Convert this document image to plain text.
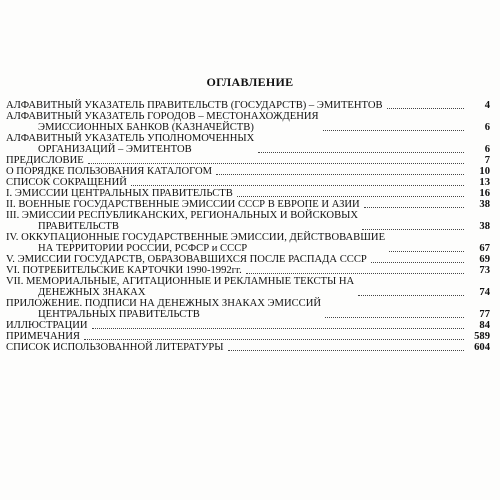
ОГЛАВЛЕНИЕ
АЛФАВИТНЫЙ УКАЗАТЕЛЬ ПРАВИТЕЛЬСТВ (ГОСУДАРСТВ) – ЭМИТЕНТОВ	4
АЛФАВИТНЫЙ УКАЗАТЕЛЬ ГОРОДОВ – МЕСТОНАХОЖДЕНИЯ
ЭМИССИОННЫХ БАНКОВ (КАЗНАЧЕЙСТВ)	6
АЛФАВИТНЫЙ УКАЗАТЕЛЬ УПОЛНОМОЧЕННЫХ
ОРГАНИЗАЦИЙ – ЭМИТЕНТОВ	6
ПРЕДИСЛОВИЕ	7
О ПОРЯДКЕ ПОЛЬЗОВАНИЯ КАТАЛОГОМ	10
СПИСОК СОКРАЩЕНИЙ	13
I. ЭМИССИИ ЦЕНТРАЛЬНЫХ ПРАВИТЕЛЬСТВ	16
II. ВОЕННЫЕ ГОСУДАРСТВЕННЫЕ ЭМИССИИ СССР В ЕВРОПЕ И АЗИИ	38
III. ЭМИССИИ РЕСПУБЛИКАНСКИХ, РЕГИОНАЛЬНЫХ И ВОЙСКОВЫХ
ПРАВИТЕЛЬСТВ	38
IV. ОККУПАЦИОННЫЕ ГОСУДАРСТВЕННЫЕ ЭМИССИИ, ДЕЙСТВОВАВШИЕ
НА ТЕРРИТОРИИ РОССИИ, РСФСР и СССР	67
V. ЭМИССИИ ГОСУДАРСТВ, ОБРАЗОВАВШИХСЯ ПОСЛЕ РАСПАДА СССР	69
VI. ПОТРЕБИТЕЛЬСКИЕ КАРТОЧКИ 1990-1992гг.	73
VII. МЕМОРИАЛЬНЫЕ, АГИТАЦИОННЫЕ И РЕКЛАМНЫЕ ТЕКСТЫ НА
ДЕНЕЖНЫХ ЗНАКАХ	74
ПРИЛОЖЕНИЕ. ПОДПИСИ НА ДЕНЕЖНЫХ ЗНАКАХ ЭМИССИЙ
ЦЕНТРАЛЬНЫХ ПРАВИТЕЛЬСТВ	77
ИЛЛЮСТРАЦИИ	84
ПРИМЕЧАНИЯ	589
СПИСОК ИСПОЛЬЗОВАННОЙ ЛИТЕРАТУРЫ	604
